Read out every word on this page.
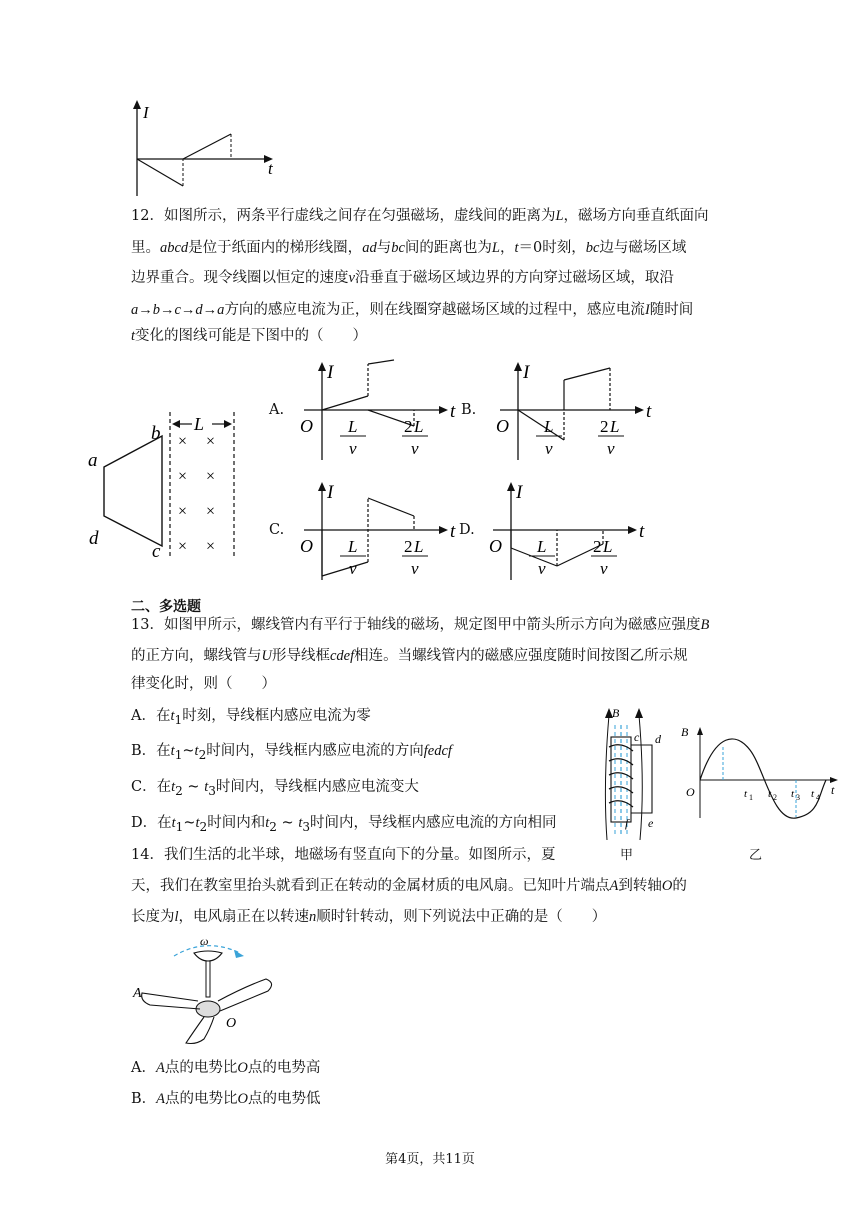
I
t
12．如图所示，两条平行虚线之间存在匀强磁场，虚线间的距离为L，磁场方向垂直纸面向
里。abcd是位于纸面内的梯形线圈，ad与bc间的距离也为L，t＝0时刻，bc边与磁场区域
边界重合。现令线圈以恒定的速度v沿垂直于磁场区域边界的方向穿过磁场区域，取沿
a→b→c→d→a方向的感应电流为正，则在线圈穿越磁场区域的过程中，感应电流I随时间
t变化的图线可能是下图中的（　　）
L
a
b
c
d
× ×
× ×
× ×
× ×
A.	B.
C.	D.
I
O
t
L
v
2 L
v
I
O
t
L
v
2 L
v
I
O
t
L
v
2 L
v
I
O
t
L
v
2 L
v
二、多选题
13．如图甲所示，螺线管内有平行于轴线的磁场，规定图甲中箭头所示方向为磁感应强度B
的正方向，螺线管与U形导线框cdef相连。当螺线管内的磁感应强度随时间按图乙所示规
律变化时，则（　　）
A．在$t_1$时刻，导线框内感应电流为零
B．在$t_1\sim t_2$时间内，导线框内感应电流的方向fedcf
C．在$t_2$ ~ $t_3$时间内，导线框内感应电流变大
D．在$t_1\sim t_2$时间内和$t_2$ ~ $t_3$时间内，导线框内感应电流的方向相同
B
c d
e
f
甲
B
O	t
t 1 t 2 t 3 t 4
乙
14．我们生活的北半球，地磁场有竖直向下的分量。如图所示，夏
天，我们在教室里抬头就看到正在转动的金属材质的电风扇。已知叶片端点A到转轴O的
长度为l，电风扇正在以转速n顺时针转动，则下列说法中正确的是（　　）
ω
A
O
A．A点的电势比O点的电势高
B．A点的电势比O点的电势低
第4页，共11页
